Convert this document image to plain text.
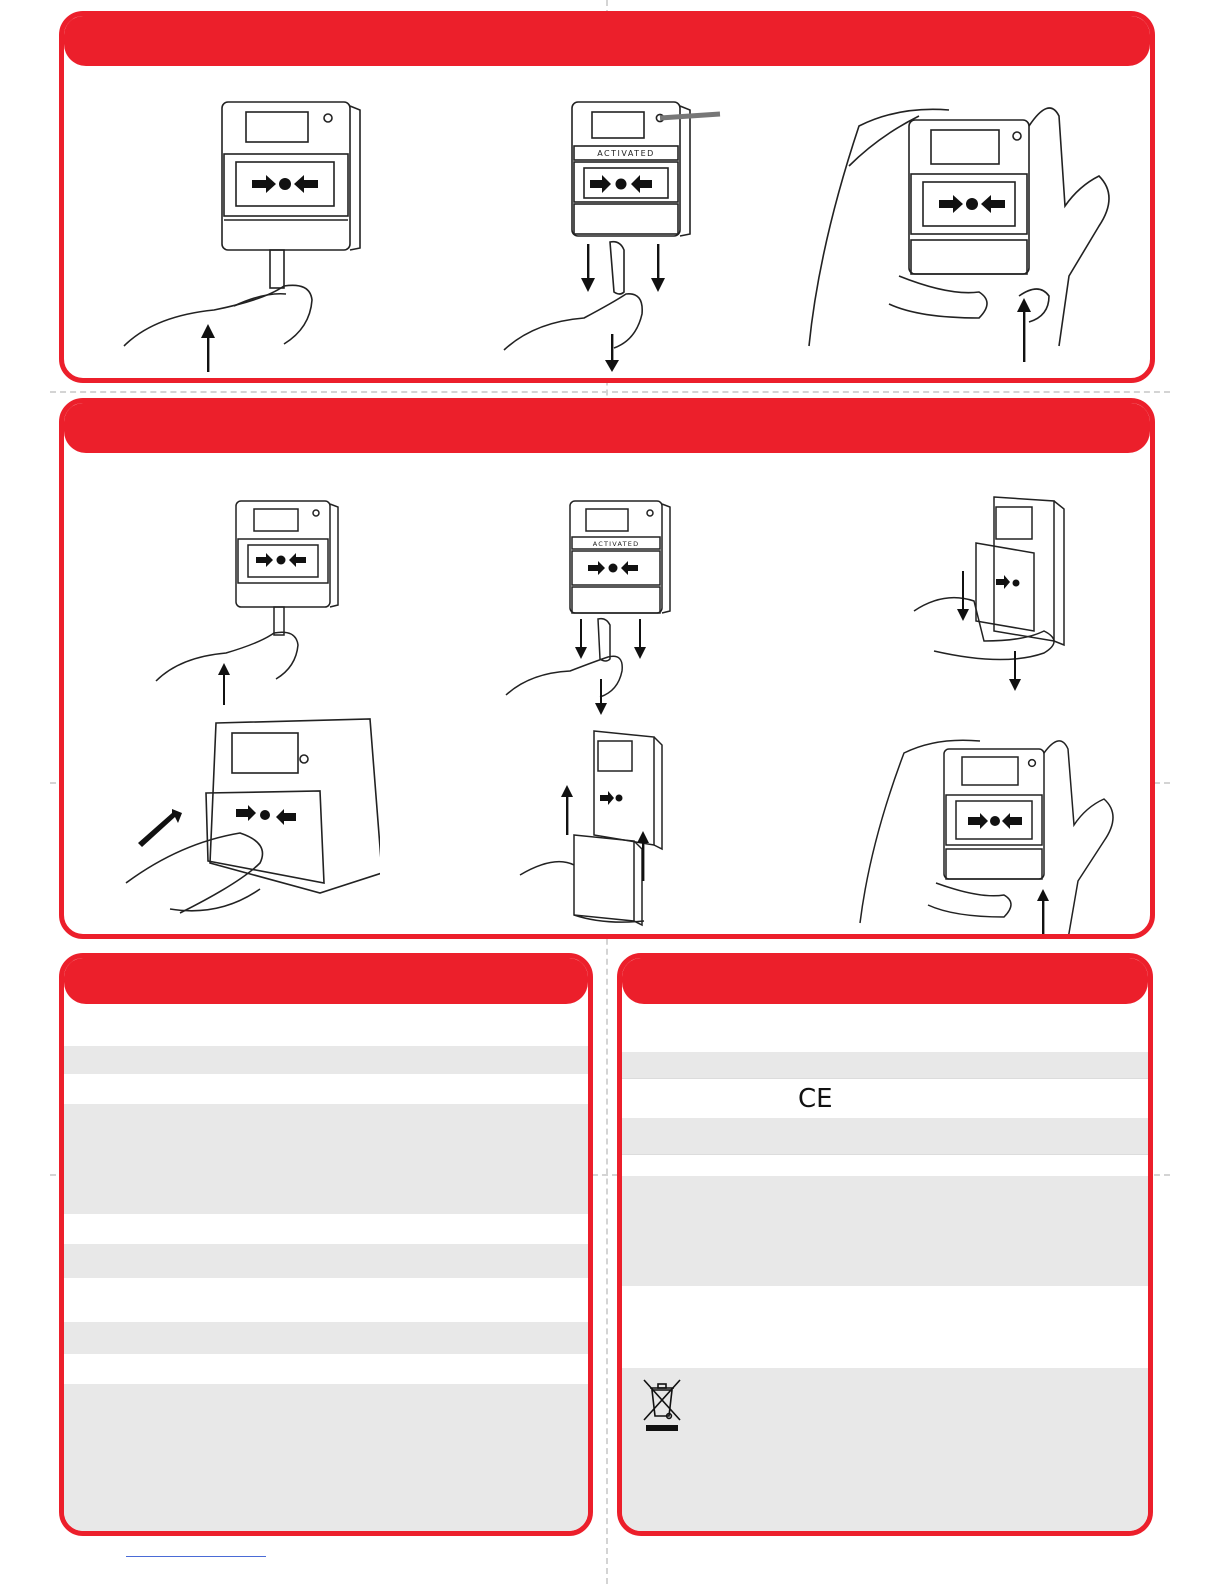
ACTIVATED
ACTIVATED
CE
